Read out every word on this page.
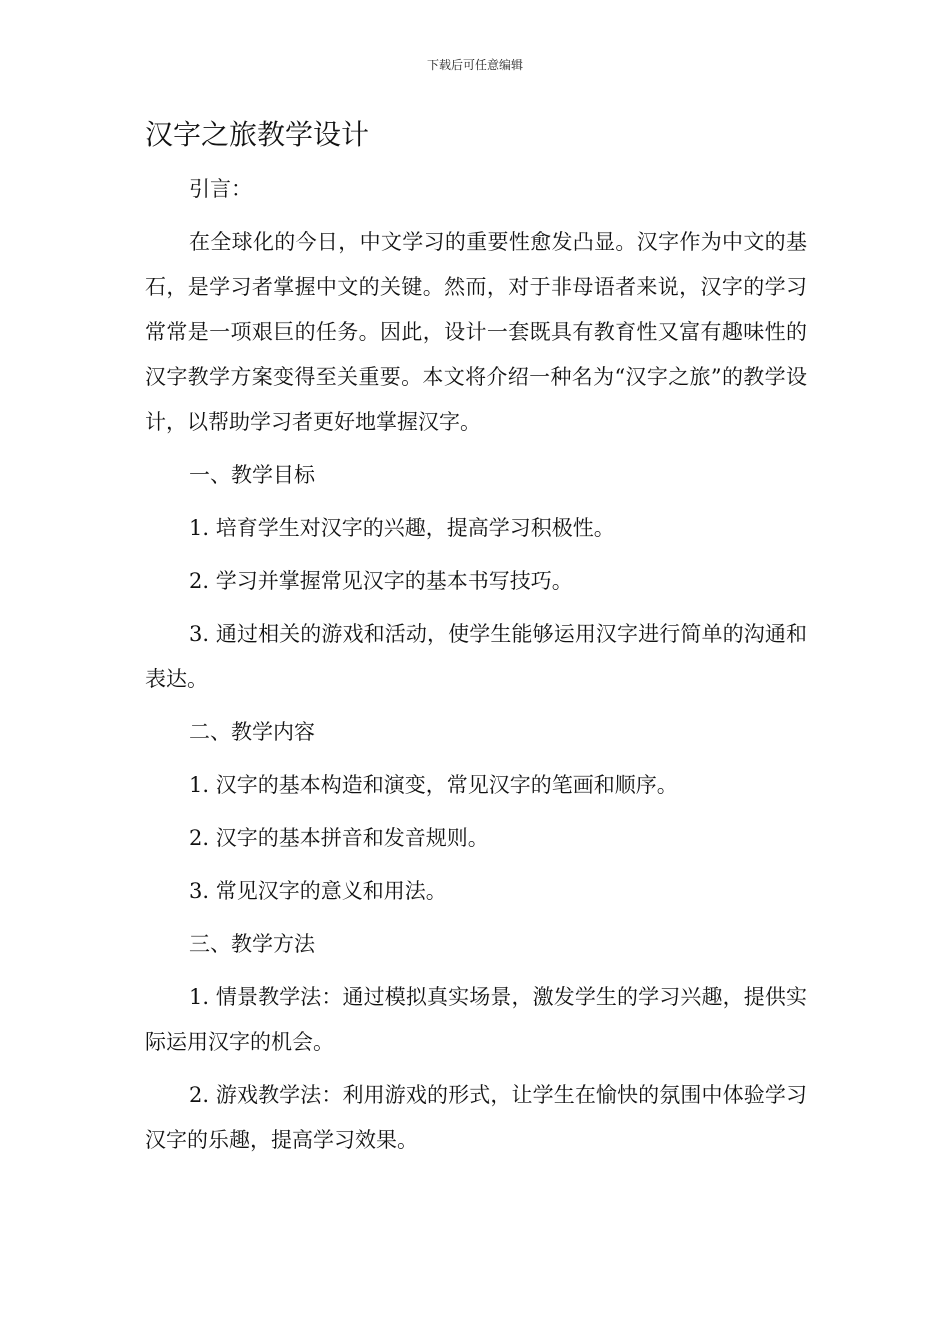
下载后可任意编辑
汉字之旅教学设计

引言：

在全球化的今日，中文学习的重要性愈发凸显。汉字作为中文的基石，是学习者掌握中文的关键。然而，对于非母语者来说，汉字的学习常常是一项艰巨的任务。因此，设计一套既具有教育性又富有趣味性的汉字教学方案变得至关重要。本文将介绍一种名为“汉字之旅”的教学设计，以帮助学习者更好地掌握汉字。

一、教学目标

1. 培育学生对汉字的兴趣，提高学习积极性。

2. 学习并掌握常见汉字的基本书写技巧。

3. 通过相关的游戏和活动，使学生能够运用汉字进行简单的沟通和表达。

二、教学内容

1. 汉字的基本构造和演变，常见汉字的笔画和顺序。

2. 汉字的基本拼音和发音规则。

3. 常见汉字的意义和用法。

三、教学方法

1. 情景教学法：通过模拟真实场景，激发学生的学习兴趣，提供实际运用汉字的机会。

2. 游戏教学法：利用游戏的形式，让学生在愉快的氛围中体验学习汉字的乐趣，提高学习效果。
